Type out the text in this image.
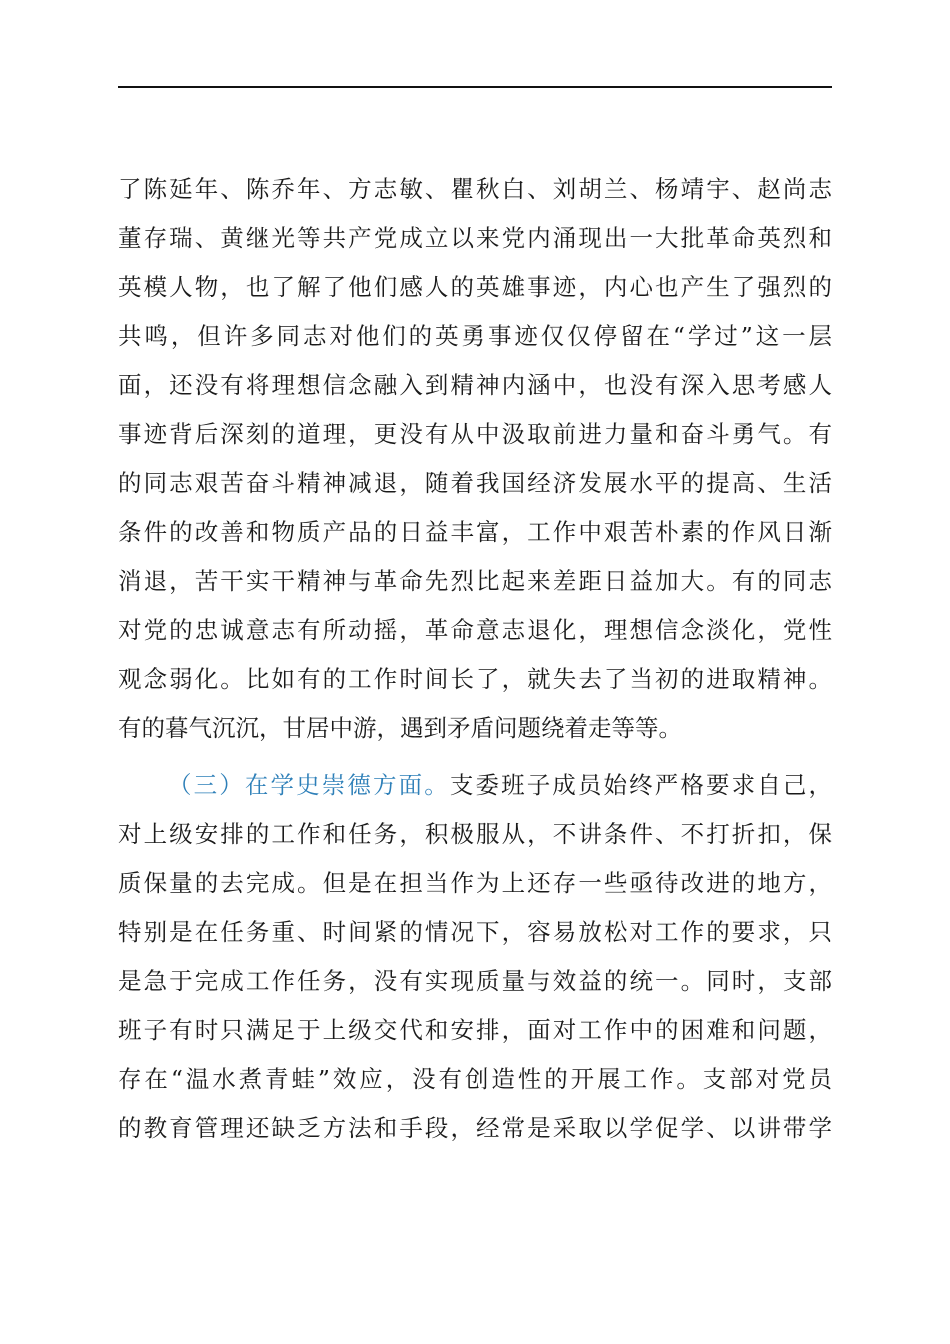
了陈延年、陈乔年、方志敏、瞿秋白、刘胡兰、杨靖宇、赵尚志
董存瑞、黄继光等共产党成立以来党内涌现出一大批革命英烈和
英模人物，也了解了他们感人的英雄事迹，内心也产生了强烈的
共鸣，但许多同志对他们的英勇事迹仅仅停留在“学过”这一层
面，还没有将理想信念融入到精神内涵中，也没有深入思考感人
事迹背后深刻的道理，更没有从中汲取前进力量和奋斗勇气。有
的同志艰苦奋斗精神减退，随着我国经济发展水平的提高、生活
条件的改善和物质产品的日益丰富，工作中艰苦朴素的作风日渐
消退，苦干实干精神与革命先烈比起来差距日益加大。有的同志
对党的忠诚意志有所动摇，革命意志退化，理想信念淡化，党性
观念弱化。比如有的工作时间长了，就失去了当初的进取精神。
有的暮气沉沉，甘居中游，遇到矛盾问题绕着走等等。
（三）在学史崇德方面。支委班子成员始终严格要求自己，
对上级安排的工作和任务，积极服从，不讲条件、不打折扣，保
质保量的去完成。但是在担当作为上还存一些亟待改进的地方，
特别是在任务重、时间紧的情况下，容易放松对工作的要求，只
是急于完成工作任务，没有实现质量与效益的统一。同时，支部
班子有时只满足于上级交代和安排，面对工作中的困难和问题，
存在“温水煮青蛙”效应，没有创造性的开展工作。支部对党员
的教育管理还缺乏方法和手段，经常是采取以学促学、以讲带学
